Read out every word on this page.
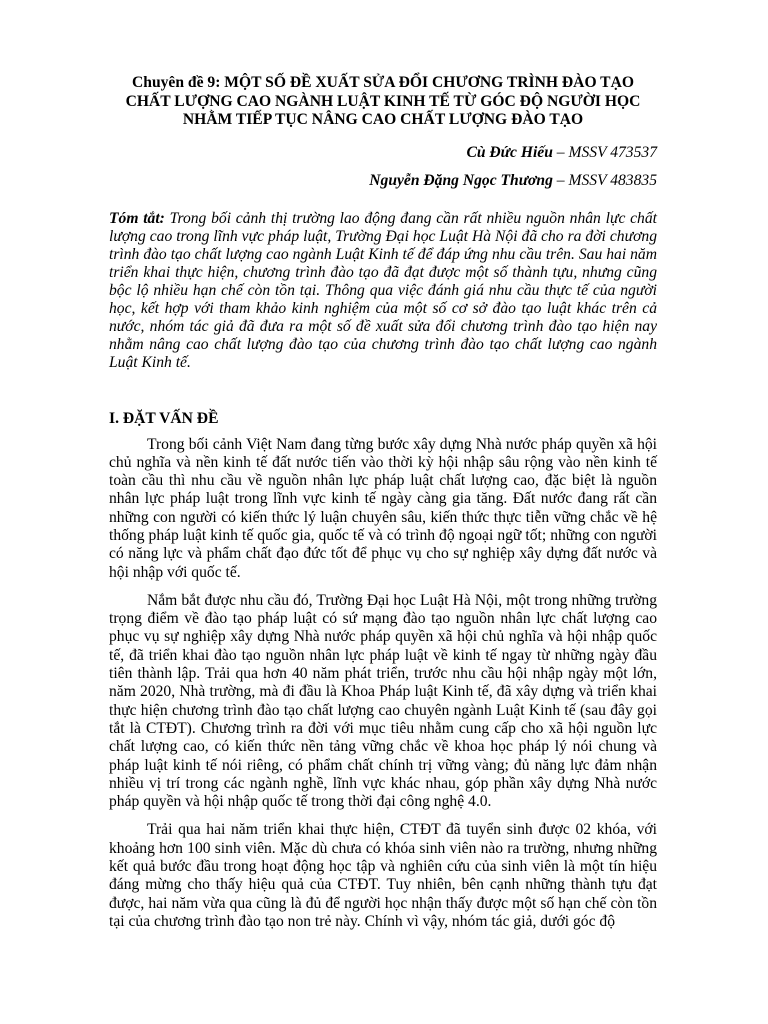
Chuyên đề 9: MỘT SỐ ĐỀ XUẤT SỬA ĐỔI CHƯƠNG TRÌNH ĐÀO TẠO
CHẤT LƯỢNG CAO NGÀNH LUẬT KINH TẾ TỪ GÓC ĐỘ NGƯỜI HỌC
NHẰM TIẾP TỤC NÂNG CAO CHẤT LƯỢNG ĐÀO TẠO
Cù Đức Hiếu – MSSV 473537
Nguyễn Đặng Ngọc Thương – MSSV 483835
Tóm tắt: Trong bối cảnh thị trường lao động đang cần rất nhiều nguồn nhân lực chất lượng cao trong lĩnh vực pháp luật, Trường Đại học Luật Hà Nội đã cho ra đời chương trình đào tạo chất lượng cao ngành Luật Kinh tế để đáp ứng nhu cầu trên. Sau hai năm triển khai thực hiện, chương trình đào tạo đã đạt được một số thành tựu, nhưng cũng bộc lộ nhiều hạn chế còn tồn tại. Thông qua việc đánh giá nhu cầu thực tế của người học, kết hợp với tham khảo kinh nghiệm của một số cơ sở đào tạo luật khác trên cả nước, nhóm tác giả đã đưa ra một số đề xuất sửa đổi chương trình đào tạo hiện nay nhằm nâng cao chất lượng đào tạo của chương trình đào tạo chất lượng cao ngành Luật Kinh tế.
I. ĐẶT VẤN ĐỀ
Trong bối cảnh Việt Nam đang từng bước xây dựng Nhà nước pháp quyền xã hội chủ nghĩa và nền kinh tế đất nước tiến vào thời kỳ hội nhập sâu rộng vào nền kinh tế toàn cầu thì nhu cầu về nguồn nhân lực pháp luật chất lượng cao, đặc biệt là nguồn nhân lực pháp luật trong lĩnh vực kinh tế ngày càng gia tăng. Đất nước đang rất cần những con người có kiến thức lý luận chuyên sâu, kiến thức thực tiễn vững chắc về hệ thống pháp luật kinh tế quốc gia, quốc tế và có trình độ ngoại ngữ tốt; những con người có năng lực và phẩm chất đạo đức tốt để phục vụ cho sự nghiệp xây dựng đất nước và hội nhập với quốc tế.
Nắm bắt được nhu cầu đó, Trường Đại học Luật Hà Nội, một trong những trường trọng điểm về đào tạo pháp luật có sứ mạng đào tạo nguồn nhân lực chất lượng cao phục vụ sự nghiệp xây dựng Nhà nước pháp quyền xã hội chủ nghĩa và hội nhập quốc tế, đã triển khai đào tạo nguồn nhân lực pháp luật về kinh tế ngay từ những ngày đầu tiên thành lập. Trải qua hơn 40 năm phát triển, trước nhu cầu hội nhập ngày một lớn, năm 2020, Nhà trường, mà đi đầu là Khoa Pháp luật Kinh tế, đã xây dựng và triển khai thực hiện chương trình đào tạo chất lượng cao chuyên ngành Luật Kinh tế (sau đây gọi tắt là CTĐT). Chương trình ra đời với mục tiêu nhằm cung cấp cho xã hội nguồn lực chất lượng cao, có kiến thức nền tảng vững chắc về khoa học pháp lý nói chung và pháp luật kinh tế nói riêng, có phẩm chất chính trị vững vàng; đủ năng lực đảm nhận nhiều vị trí trong các ngành nghề, lĩnh vực khác nhau, góp phần xây dựng Nhà nước pháp quyền và hội nhập quốc tế trong thời đại công nghệ 4.0.
Trải qua hai năm triển khai thực hiện, CTĐT đã tuyển sinh được 02 khóa, với khoảng hơn 100 sinh viên. Mặc dù chưa có khóa sinh viên nào ra trường, nhưng những kết quả bước đầu trong hoạt động học tập và nghiên cứu của sinh viên là một tín hiệu đáng mừng cho thấy hiệu quả của CTĐT. Tuy nhiên, bên cạnh những thành tựu đạt được, hai năm vừa qua cũng là đủ để người học nhận thấy được một số hạn chế còn tồn tại của chương trình đào tạo non trẻ này. Chính vì vậy, nhóm tác giả, dưới góc độ
